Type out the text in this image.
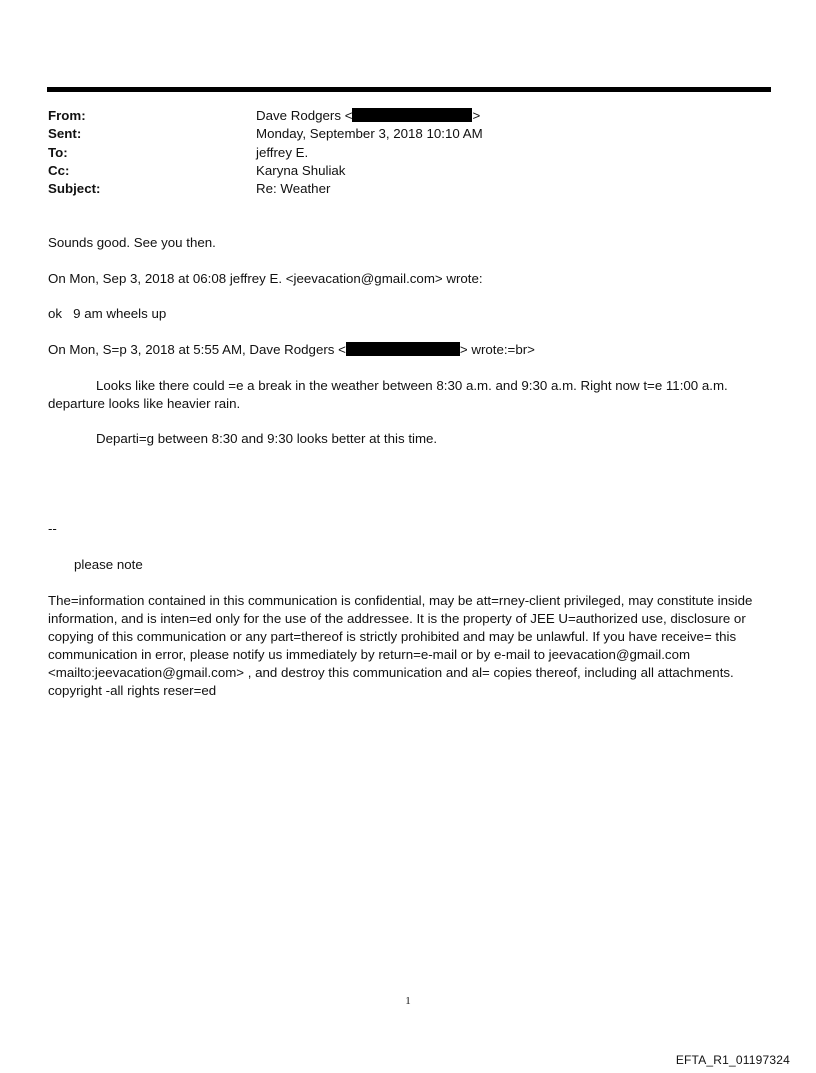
From:	Dave Rodgers <	>
Sent:	Monday, September 3, 2018 10:10 AM
To:	jeffrey E.
Cc:	Karyna Shuliak
Subject:	Re: Weather
Sounds good. See you then.
On Mon, Sep 3, 2018 at 06:08 jeffrey E. <jeevacation@gmail.com> wrote:
ok   9 am wheels up
On Mon, S=p 3, 2018 at 5:55 AM, Dave Rodgers <	> wrote:=br>
Looks like there could =e a break in the weather between 8:30 a.m. and 9:30 a.m. Right now t=e 11:00 a.m. departure looks like heavier rain.
Departi=g between 8:30 and 9:30 looks better at this time.
--
please note
The=information contained in this communication is confidential, may be att=rney-client privileged, may constitute inside information, and is inten=ed only for the use of the addressee. It is the property of JEE U=authorized use, disclosure or copying of this communication or any part=thereof is strictly prohibited and may be unlawful. If you have receive= this communication in error, please notify us immediately by return=e-mail or by e-mail to jeevacation@gmail.com <mailto:jeevacation@gmail.com> , and destroy this communication and al= copies thereof, including all attachments. copyright -all rights reser=ed
1
EFTA_R1_01197324
